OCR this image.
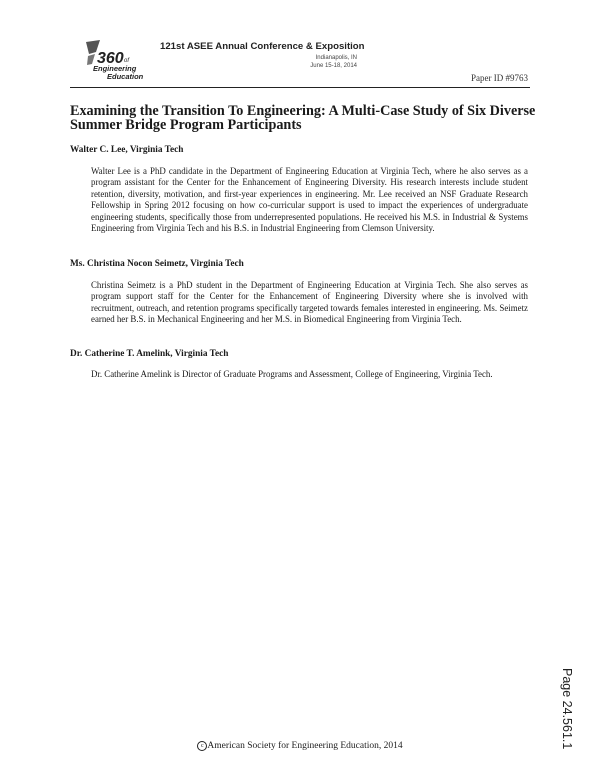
360 of
Engineering
Education
121st ASEE Annual Conference & Exposition
Indianapolis, IN
June 15-18, 2014
Paper ID #9763
Examining the Transition To Engineering: A Multi-Case Study of Six Diverse Summer Bridge Program Participants

Walter C. Lee, Virginia Tech

Walter Lee is a PhD candidate in the Department of Engineering Education at Virginia Tech, where he also serves as a program assistant for the Center for the Enhancement of Engineering Diversity. His research interests include student retention, diversity, motivation, and first-year experiences in engineering. Mr. Lee received an NSF Graduate Research Fellowship in Spring 2012 focusing on how co-curricular support is used to impact the experiences of undergraduate engineering students, specifically those from underrepresented populations. He received his M.S. in Industrial & Systems Engineering from Virginia Tech and his B.S. in Industrial Engineering from Clemson University.

Ms. Christina Nocon Seimetz, Virginia Tech

Christina Seimetz is a PhD student in the Department of Engineering Education at Virginia Tech. She also serves as program support staff for the Center for the Enhancement of Engineering Diversity where she is involved with recruitment, outreach, and retention programs specifically targeted towards females interested in engineering. Ms. Seimetz earned her B.S. in Mechanical Engineering and her M.S. in Biomedical Engineering from Virginia Tech.

Dr. Catherine T. Amelink, Virginia Tech

Dr. Catherine Amelink is Director of Graduate Programs and Assessment, College of Engineering, Virginia Tech.

Page 24.561.1
c American Society for Engineering Education, 2014
